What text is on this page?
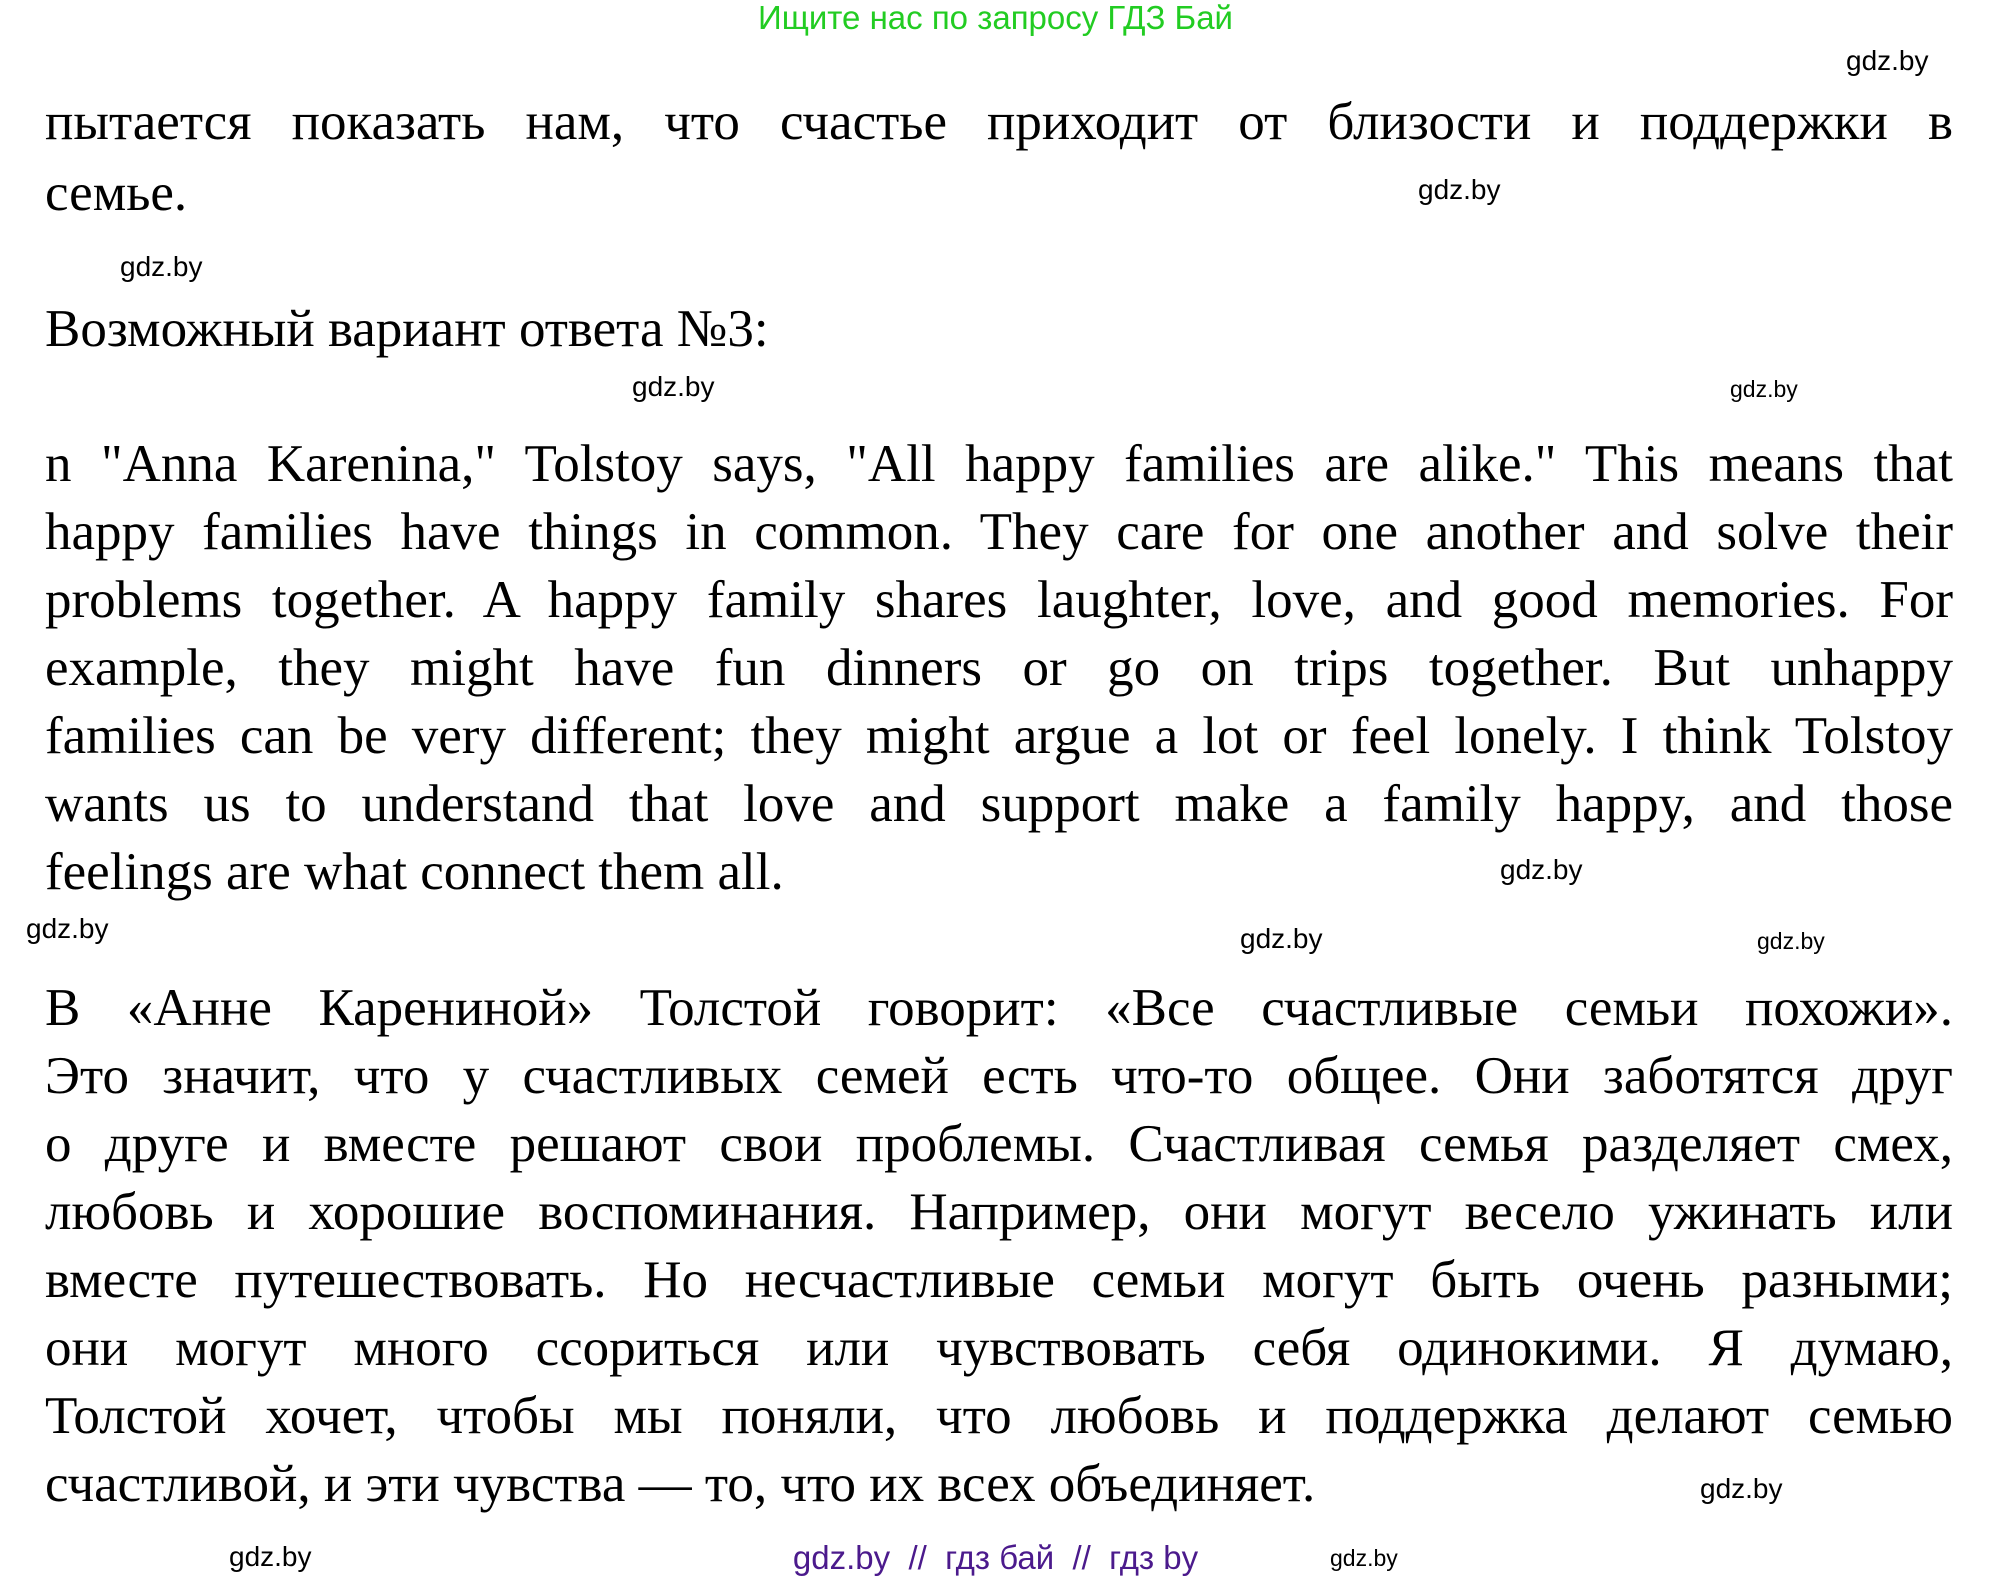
Ищите нас по запросу ГДЗ Бай
пытается показать нам, что счастье приходит от близости и поддержки в
семье.
Возможный вариант ответа №3:
n "Anna Karenina," Tolstoy says, "All happy families are alike." This means that
happy families have things in common. They care for one another and solve their
problems together. A happy family shares laughter, love, and good memories. For
example, they might have fun dinners or go on trips together. But unhappy
families can be very different; they might argue a lot or feel lonely. I think Tolstoy
wants us to understand that love and support make a family happy, and those
feelings are what connect them all.
В «Анне Карениной» Толстой говорит: «Все счастливые семьи похожи».
Это значит, что у счастливых семей есть что-то общее. Они заботятся друг
о друге и вместе решают свои проблемы. Счастливая семья разделяет смех,
любовь и хорошие воспоминания. Например, они могут весело ужинать или
вместе путешествовать. Но несчастливые семьи могут быть очень разными;
они могут много ссориться или чувствовать себя одинокими. Я думаю,
Толстой хочет, чтобы мы поняли, что любовь и поддержка делают семью
счастливой, и эти чувства — то, что их всех объединяет.
gdz.by
gdz.by
gdz.by
gdz.by	gdz.by
gdz.by
gdz.by	gdz.by	gdz.by
gdz.by
gdz.by
gdz.by	gdz.by  //  гдз бай  //  гдз by
